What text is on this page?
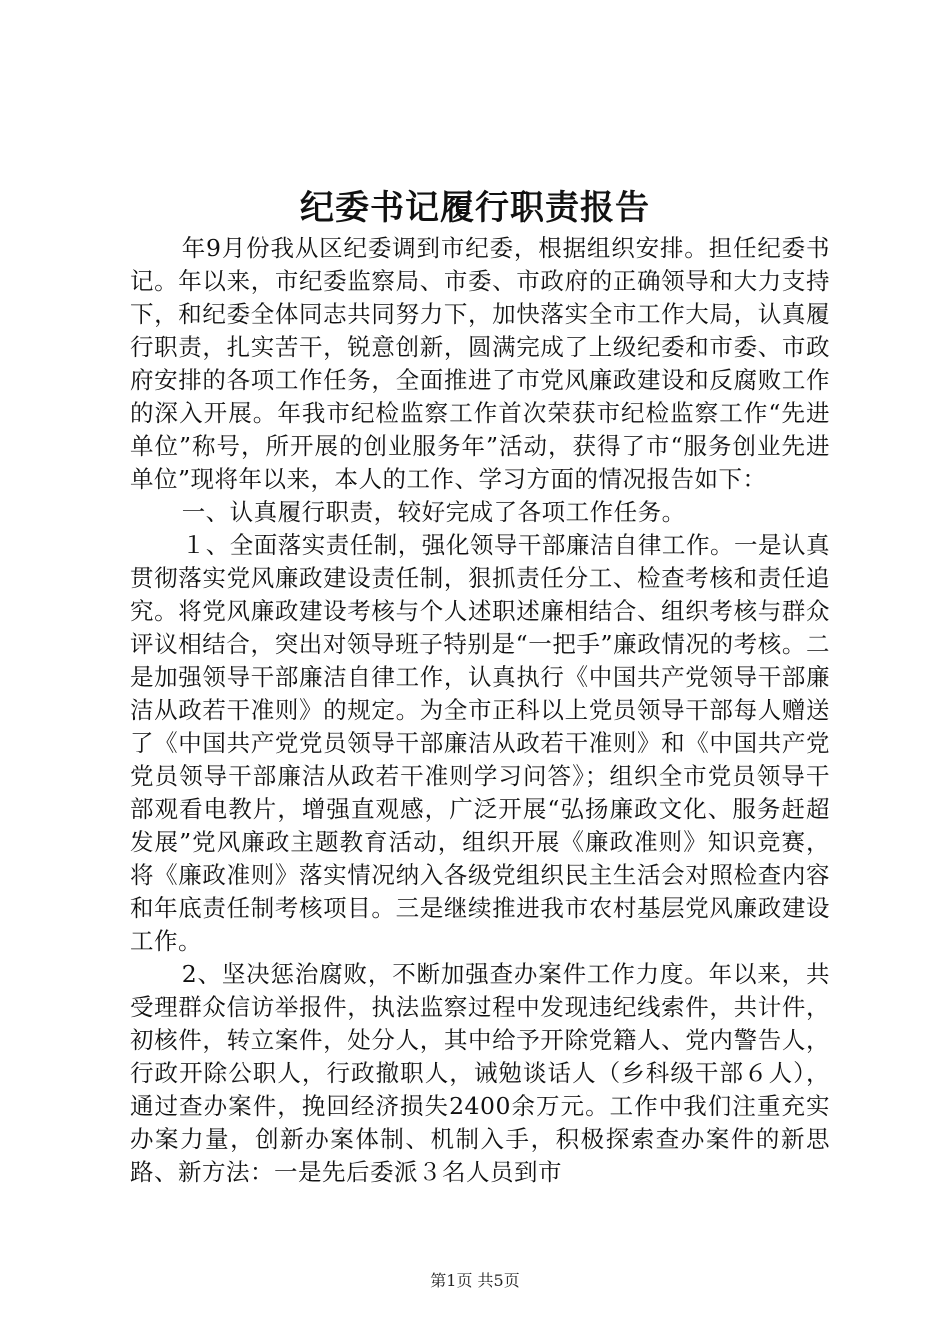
纪委书记履行职责报告

年9月份我从区纪委调到市纪委，根据组织安排。担任纪委书记。年以来，市纪委监察局、市委、市政府的正确领导和大力支持下，和纪委全体同志共同努力下，加快落实全市工作大局，认真履行职责，扎实苦干，锐意创新，圆满完成了上级纪委和市委、市政府安排的各项工作任务，全面推进了市党风廉政建设和反腐败工作的深入开展。年我市纪检监察工作首次荣获市纪检监察工作“先进单位”称号，所开展的创业服务年”活动，获得了市“服务创业先进单位”现将年以来，本人的工作、学习方面的情况报告如下：

一、认真履行职责，较好完成了各项工作任务。

１、全面落实责任制，强化领导干部廉洁自律工作。一是认真贯彻落实党风廉政建设责任制，狠抓责任分工、检查考核和责任追究。将党风廉政建设考核与个人述职述廉相结合、组织考核与群众评议相结合，突出对领导班子特别是“一把手”廉政情况的考核。二是加强领导干部廉洁自律工作，认真执行《中国共产党领导干部廉洁从政若干准则》的规定。为全市正科以上党员领导干部每人赠送了《中国共产党党员领导干部廉洁从政若干准则》和《中国共产党党员领导干部廉洁从政若干准则学习问答》；组织全市党员领导干部观看电教片，增强直观感，广泛开展“弘扬廉政文化、服务赶超发展”党风廉政主题教育活动，组织开展《廉政准则》知识竞赛，将《廉政准则》落实情况纳入各级党组织民主生活会对照检查内容和年底责任制考核项目。三是继续推进我市农村基层党风廉政建设工作。

2、坚决惩治腐败，不断加强查办案件工作力度。年以来，共受理群众信访举报件，执法监察过程中发现违纪线索件，共计件，初核件，转立案件，处分人，其中给予开除党籍人、党内警告人，行政开除公职人，行政撤职人，诫勉谈话人（乡科级干部６人），通过查办案件，挽回经济损失2400余万元。工作中我们注重充实办案力量，创新办案体制、机制入手，积极探索查办案件的新思路、新方法：一是先后委派３名人员到市

第1页 共5页
